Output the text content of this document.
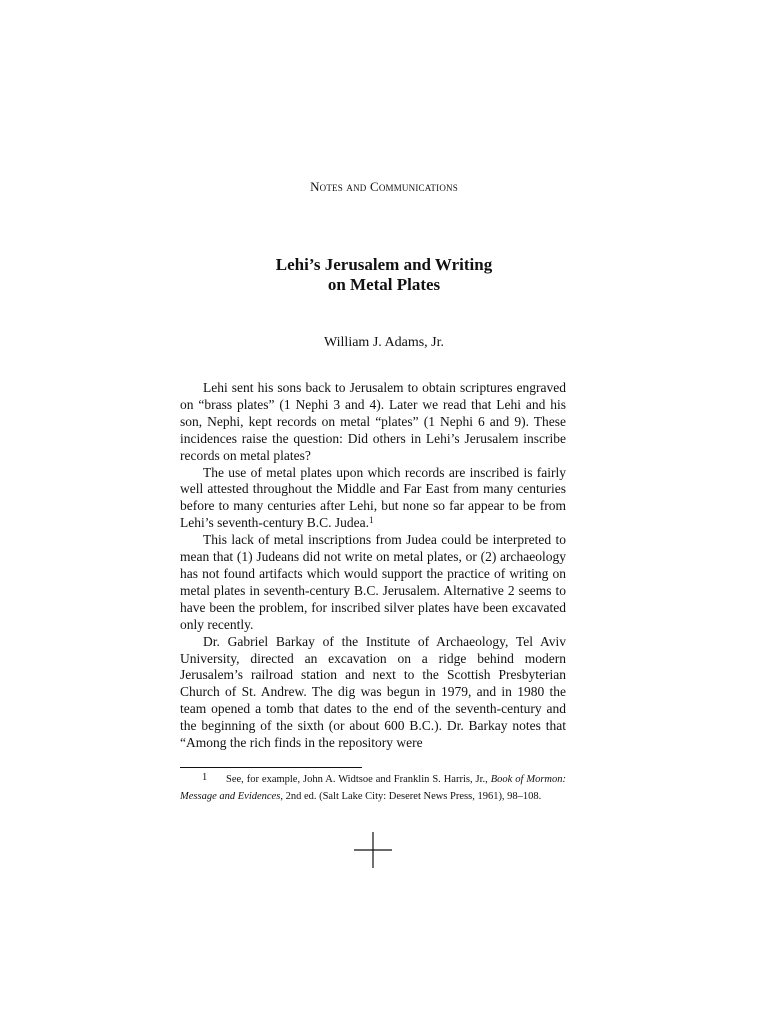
Notes and Communications
Lehi’s Jerusalem and Writing
on Metal Plates
William J. Adams, Jr.

Lehi sent his sons back to Jerusalem to obtain scriptures engraved on “brass plates” (1 Nephi 3 and 4). Later we read that Lehi and his son, Nephi, kept records on metal “plates” (1 Nephi 6 and 9). These incidences raise the question: Did others in Lehi’s Jerusalem inscribe records on metal plates?

The use of metal plates upon which records are inscribed is fairly well attested throughout the Middle and Far East from many centuries before to many centuries after Lehi, but none so far appear to be from Lehi’s seventh-century B.C. Judea.$^1$

This lack of metal inscriptions from Judea could be interpreted to mean that (1) Judeans did not write on metal plates, or (2) archaeology has not found artifacts which would support the practice of writing on metal plates in seventh-century B.C. Jerusalem. Alternative 2 seems to have been the problem, for inscribed silver plates have been excavated only recently.

Dr. Gabriel Barkay of the Institute of Archaeology, Tel Aviv University, directed an excavation on a ridge behind modern Jerusalem’s railroad station and next to the Scottish Presbyterian Church of St. Andrew. The dig was begun in 1979, and in 1980 the team opened a tomb that dates to the end of the seventh-century and the beginning of the sixth (or about 600 B.C.). Dr. Barkay notes that “Among the rich finds in the repository were

1 See, for example, John A. Widtsoe and Franklin S. Harris, Jr., Book of Mormon: Message and Evidences, 2nd ed. (Salt Lake City: Deseret News Press, 1961), 98–108.
